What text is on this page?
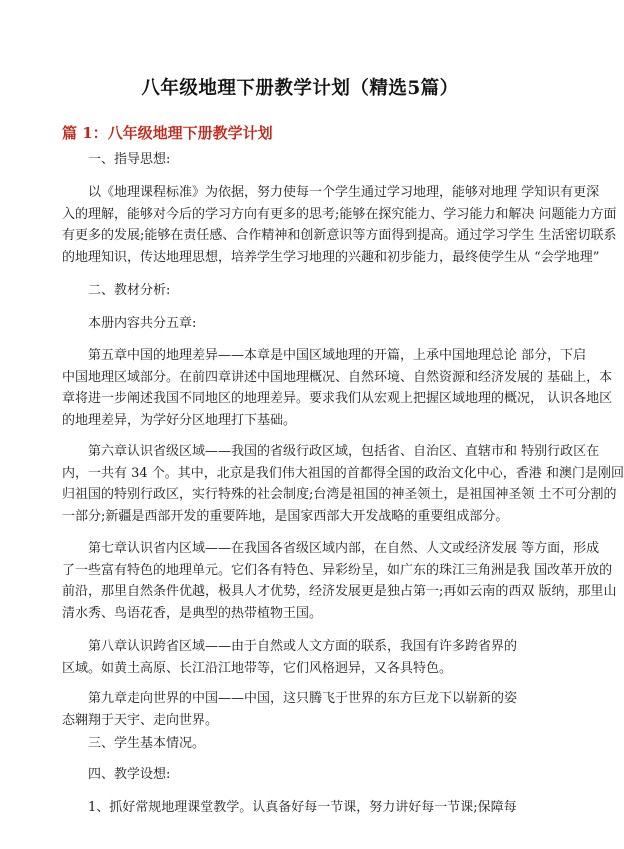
八年级地理下册教学计划（精选5篇）
篇 1：八年级地理下册教学计划
一、指导思想:
以《地理课程标准》为依据，努力使每一个学生通过学习地理，能够对地理 学知识有更深
入的理解，能够对今后的学习方向有更多的思考;能够在探究能力、学习能力和解决 问题能力方面
有更多的发展;能够在责任感、合作精神和创新意识等方面得到提高。通过学习学生 生活密切联系
的地理知识，传达地理思想，培养学生学习地理的兴趣和初步能力，最终使学生从 “会学地理”
二、教材分析:
本册内容共分五章:
第五章中国的地理差异——本章是中国区域地理的开篇，上承中国地理总论 部分，下启
中国地理区域部分。在前四章讲述中国地理概况、自然环境、自然资源和经济发展的 基础上，本
章将进一步阐述我国不同地区的地理差异。要求我们从宏观上把握区域地理的概况， 认识各地区
的地理差异，为学好分区地理打下基础。
第六章认识省级区域——我国的省级行政区域，包括省、自治区、直辖市和 特别行政区在
内，一共有 34 个。其中，北京是我们伟大祖国的首都得全国的政治文化中心，香港 和澳门是刚回
归祖国的特别行政区，实行特殊的社会制度;台湾是祖国的神圣领土，是祖国神圣领 土不可分割的
一部分;新疆是西部开发的重要阵地，是国家西部大开发战略的重要组成部分。
第七章认识省内区域——在我国各省级区域内部，在自然、人文或经济发展 等方面，形成
了一些富有特色的地理单元。它们各有特色、异彩纷呈，如广东的珠江三角洲是我 国改革开放的
前沿，那里自然条件优越，极具人才优势，经济发展更是独占第一;再如云南的西双 版纳，那里山
清水秀、鸟语花香，是典型的热带植物王国。
第八章认识跨省区域——由于自然或人文方面的联系，我国有许多跨省界的
区域。如黄土高原、长江沿江地带等，它们风格迥异，又各具特色。
第九章走向世界的中国——中国，这只腾飞于世界的东方巨龙下以崭新的姿
态翱翔于天宇、走向世界。
三、学生基本情况。
四、教学设想:
1、抓好常规地理课堂教学。认真备好每一节课，努力讲好每一节课;保障每
